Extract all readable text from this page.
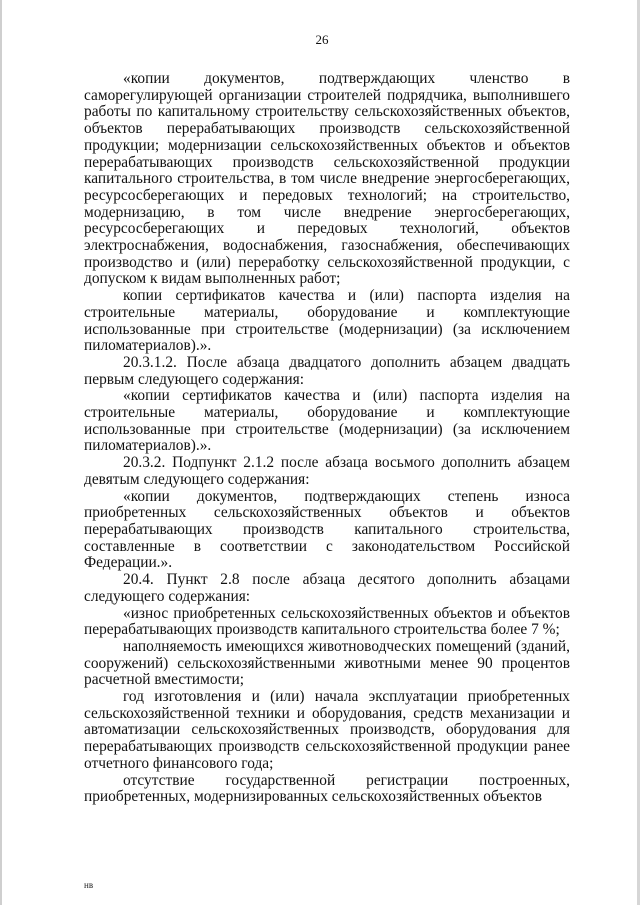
26

«копии документов, подтверждающих членство в саморегулирующей организации строителей подрядчика, выполнившего работы по капитальному строительству сельскохозяйственных объектов, объектов перерабатывающих производств сельскохозяйственной продукции; модернизации сельскохозяйственных объектов и объектов перерабатывающих производств сельскохозяйственной продукции капитального строительства, в том числе внедрение энергосберегающих, ресурсосберегающих и передовых технологий; на строительство, модернизацию, в том числе внедрение энергосберегающих, ресурсосберегающих и передовых технологий, объектов электроснабжения, водоснабжения, газоснабжения, обеспечивающих производство и (или) переработку сельскохозяйственной продукции, с допуском к видам выполненных работ;

копии сертификатов качества и (или) паспорта изделия на строительные материалы, оборудование и комплектующие использованные при строительстве (модернизации) (за исключением пиломатериалов).».

20.3.1.2. После абзаца двадцатого дополнить абзацем двадцать первым следующего содержания:

«копии сертификатов качества и (или) паспорта изделия на строительные материалы, оборудование и комплектующие использованные при строительстве (модернизации) (за исключением пиломатериалов).».

20.3.2. Подпункт 2.1.2 после абзаца восьмого дополнить абзацем девятым следующего содержания:

«копии документов, подтверждающих степень износа приобретенных сельскохозяйственных объектов и объектов перерабатывающих производств капитального строительства, составленные в соответствии с законодательством Российской Федерации.».

20.4. Пункт 2.8 после абзаца десятого дополнить абзацами следующего содержания:

«износ приобретенных сельскохозяйственных объектов и объектов перерабатывающих производств капитального строительства более 7 %;

наполняемость имеющихся животноводческих помещений (зданий, сооружений) сельскохозяйственными животными менее 90 процентов расчетной вместимости;

год изготовления и (или) начала эксплуатации приобретенных сельскохозяйственной техники и оборудования, средств механизации и автоматизации сельскохозяйственных производств, оборудования для перерабатывающих производств сельскохозяйственной продукции ранее отчетного финансового года;

отсутствие государственной регистрации построенных, приобретенных, модернизированных сельскохозяйственных объектов

нв
